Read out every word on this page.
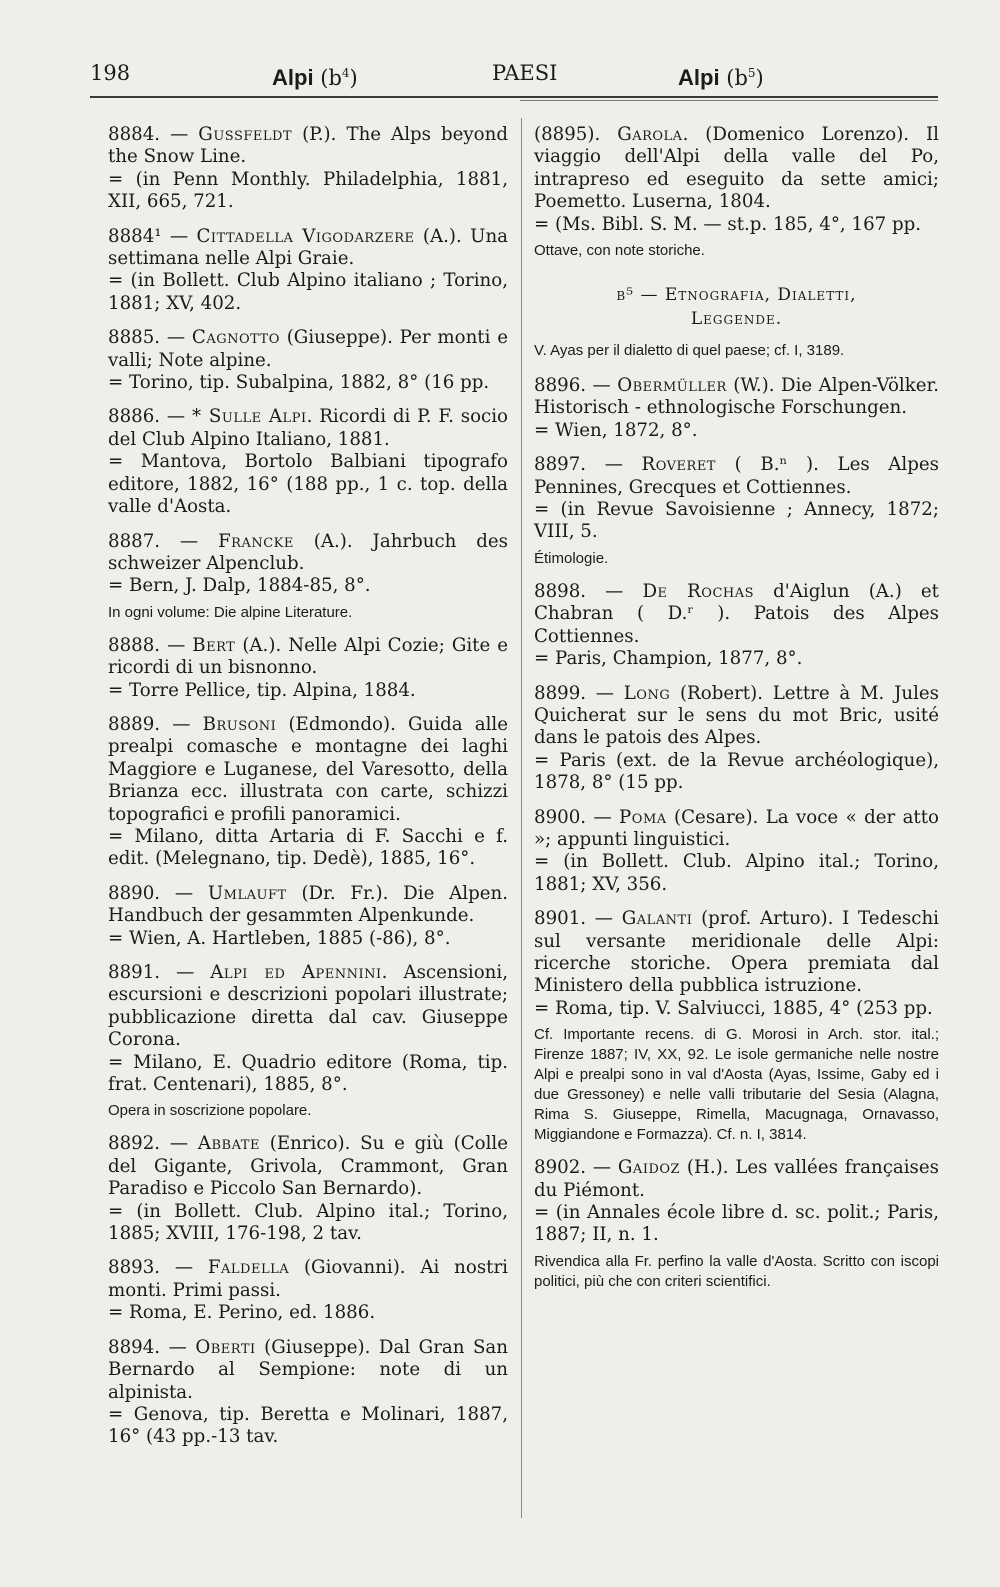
198	Alpi $(b^4)$	PAESI	Alpi $(b^5)$
8884. — Gussfeldt (P.). The Alps beyond the Snow Line.
= (in Penn Monthly. Philadelphia, 1881, XII, 665, 721.
8884¹ — Cittadella Vigodarzere (A.). Una settimana nelle Alpi Graie.
= (in Bollett. Club Alpino italiano ; Torino, 1881; XV, 402.
8885. — Cagnotto (Giuseppe). Per monti e valli; Note alpine.
= Torino, tip. Subalpina, 1882, 8° (16 pp.
8886. — * Sulle Alpi. Ricordi di P. F. socio del Club Alpino Italiano, 1881.
= Mantova, Bortolo Balbiani tipografo editore, 1882, 16° (188 pp., 1 c. top. della valle d'Aosta.
8887. — Francke (A.). Jahrbuch des schweizer Alpenclub.
= Bern, J. Dalp, 1884-85, 8°.
In ogni volume: Die alpine Literature.
8888. — Bert (A.). Nelle Alpi Cozie; Gite e ricordi di un bisnonno.
= Torre Pellice, tip. Alpina, 1884.
8889. — Brusoni (Edmondo). Guida alle prealpi comasche e montagne dei laghi Maggiore e Luganese, del Varesotto, della Brianza ecc. illustrata con carte, schizzi topografici e profili panoramici.
= Milano, ditta Artaria di F. Sacchi e f. edit. (Melegnano, tip. Dedè), 1885, 16°.
8890. — Umlauft (Dr. Fr.). Die Alpen. Handbuch der gesammten Alpenkunde.
= Wien, A. Hartleben, 1885 (-86), 8°.
8891. — Alpi ed Apennini. Ascensioni, escursioni e descrizioni popolari illustrate; pubblicazione diretta dal cav. Giuseppe Corona.
= Milano, E. Quadrio editore (Roma, tip. frat. Centenari), 1885, 8°.
Opera in soscrizione popolare.
8892. — Abbate (Enrico). Su e giù (Colle del Gigante, Grivola, Crammont, Gran Paradiso e Piccolo San Bernardo).
= (in Bollett. Club. Alpino ital.; Torino, 1885; XVIII, 176-198, 2 tav.
8893. — Faldella (Giovanni). Ai nostri monti. Primi passi.
= Roma, E. Perino, ed. 1886.
8894. — Oberti (Giuseppe). Dal Gran San Bernardo al Sempione: note di un alpinista.
= Genova, tip. Beretta e Molinari, 1887, 16° (43 pp.-13 tav.
(8895). Garola. (Domenico Lorenzo). Il viaggio dell'Alpi della valle del Po, intrapreso ed eseguito da sette amici; Poemetto. Luserna, 1804.
= (Ms. Bibl. S. M. — st.p. 185, 4°, 167 pp.
Ottave, con note storiche.
b⁵ — Etnografia, Dialetti,
Leggende.
V. Ayas per il dialetto di quel paese; cf. I, 3189.
8896. — Obermüller (W.). Die Alpen-Völker. Historisch - ethnologische Forschungen.
= Wien, 1872, 8°.
8897. — Roveret ( B.ⁿ ). Les Alpes Pennines, Grecques et Cottiennes.
= (in Revue Savoisienne ; Annecy, 1872; VIII, 5.
Étimologie.
8898. — De Rochas d'Aiglun (A.) et Chabran ( D.ʳ ). Patois des Alpes Cottiennes.
= Paris, Champion, 1877, 8°.
8899. — Long (Robert). Lettre à M. Jules Quicherat sur le sens du mot Bric, usité dans le patois des Alpes.
= Paris (ext. de la Revue archéologique), 1878, 8° (15 pp.
8900. — Poma (Cesare). La voce « der atto »; appunti linguistici.
= (in Bollett. Club. Alpino ital.; Torino, 1881; XV, 356.
8901. — Galanti (prof. Arturo). I Tedeschi sul versante meridionale delle Alpi: ricerche storiche. Opera premiata dal Ministero della pubblica istruzione.
= Roma, tip. V. Salviucci, 1885, 4° (253 pp.
Cf. Importante recens. di G. Morosi in Arch. stor. ital.; Firenze 1887; IV, XX, 92. Le isole germaniche nelle nostre Alpi e prealpi sono in val d'Aosta (Ayas, Issime, Gaby ed i due Gressoney) e nelle valli tributarie del Sesia (Alagna, Rima S. Giuseppe, Rimella, Macugnaga, Ornavasso, Miggiandone e Formazza). Cf. n. I, 3814.
8902. — Gaidoz (H.). Les vallées françaises du Piémont.
= (in Annales école libre d. sc. polit.; Paris, 1887; II, n. 1.
Rivendica alla Fr. perfino la valle d'Aosta. Scritto con iscopi politici, più che con criteri scientifici.
